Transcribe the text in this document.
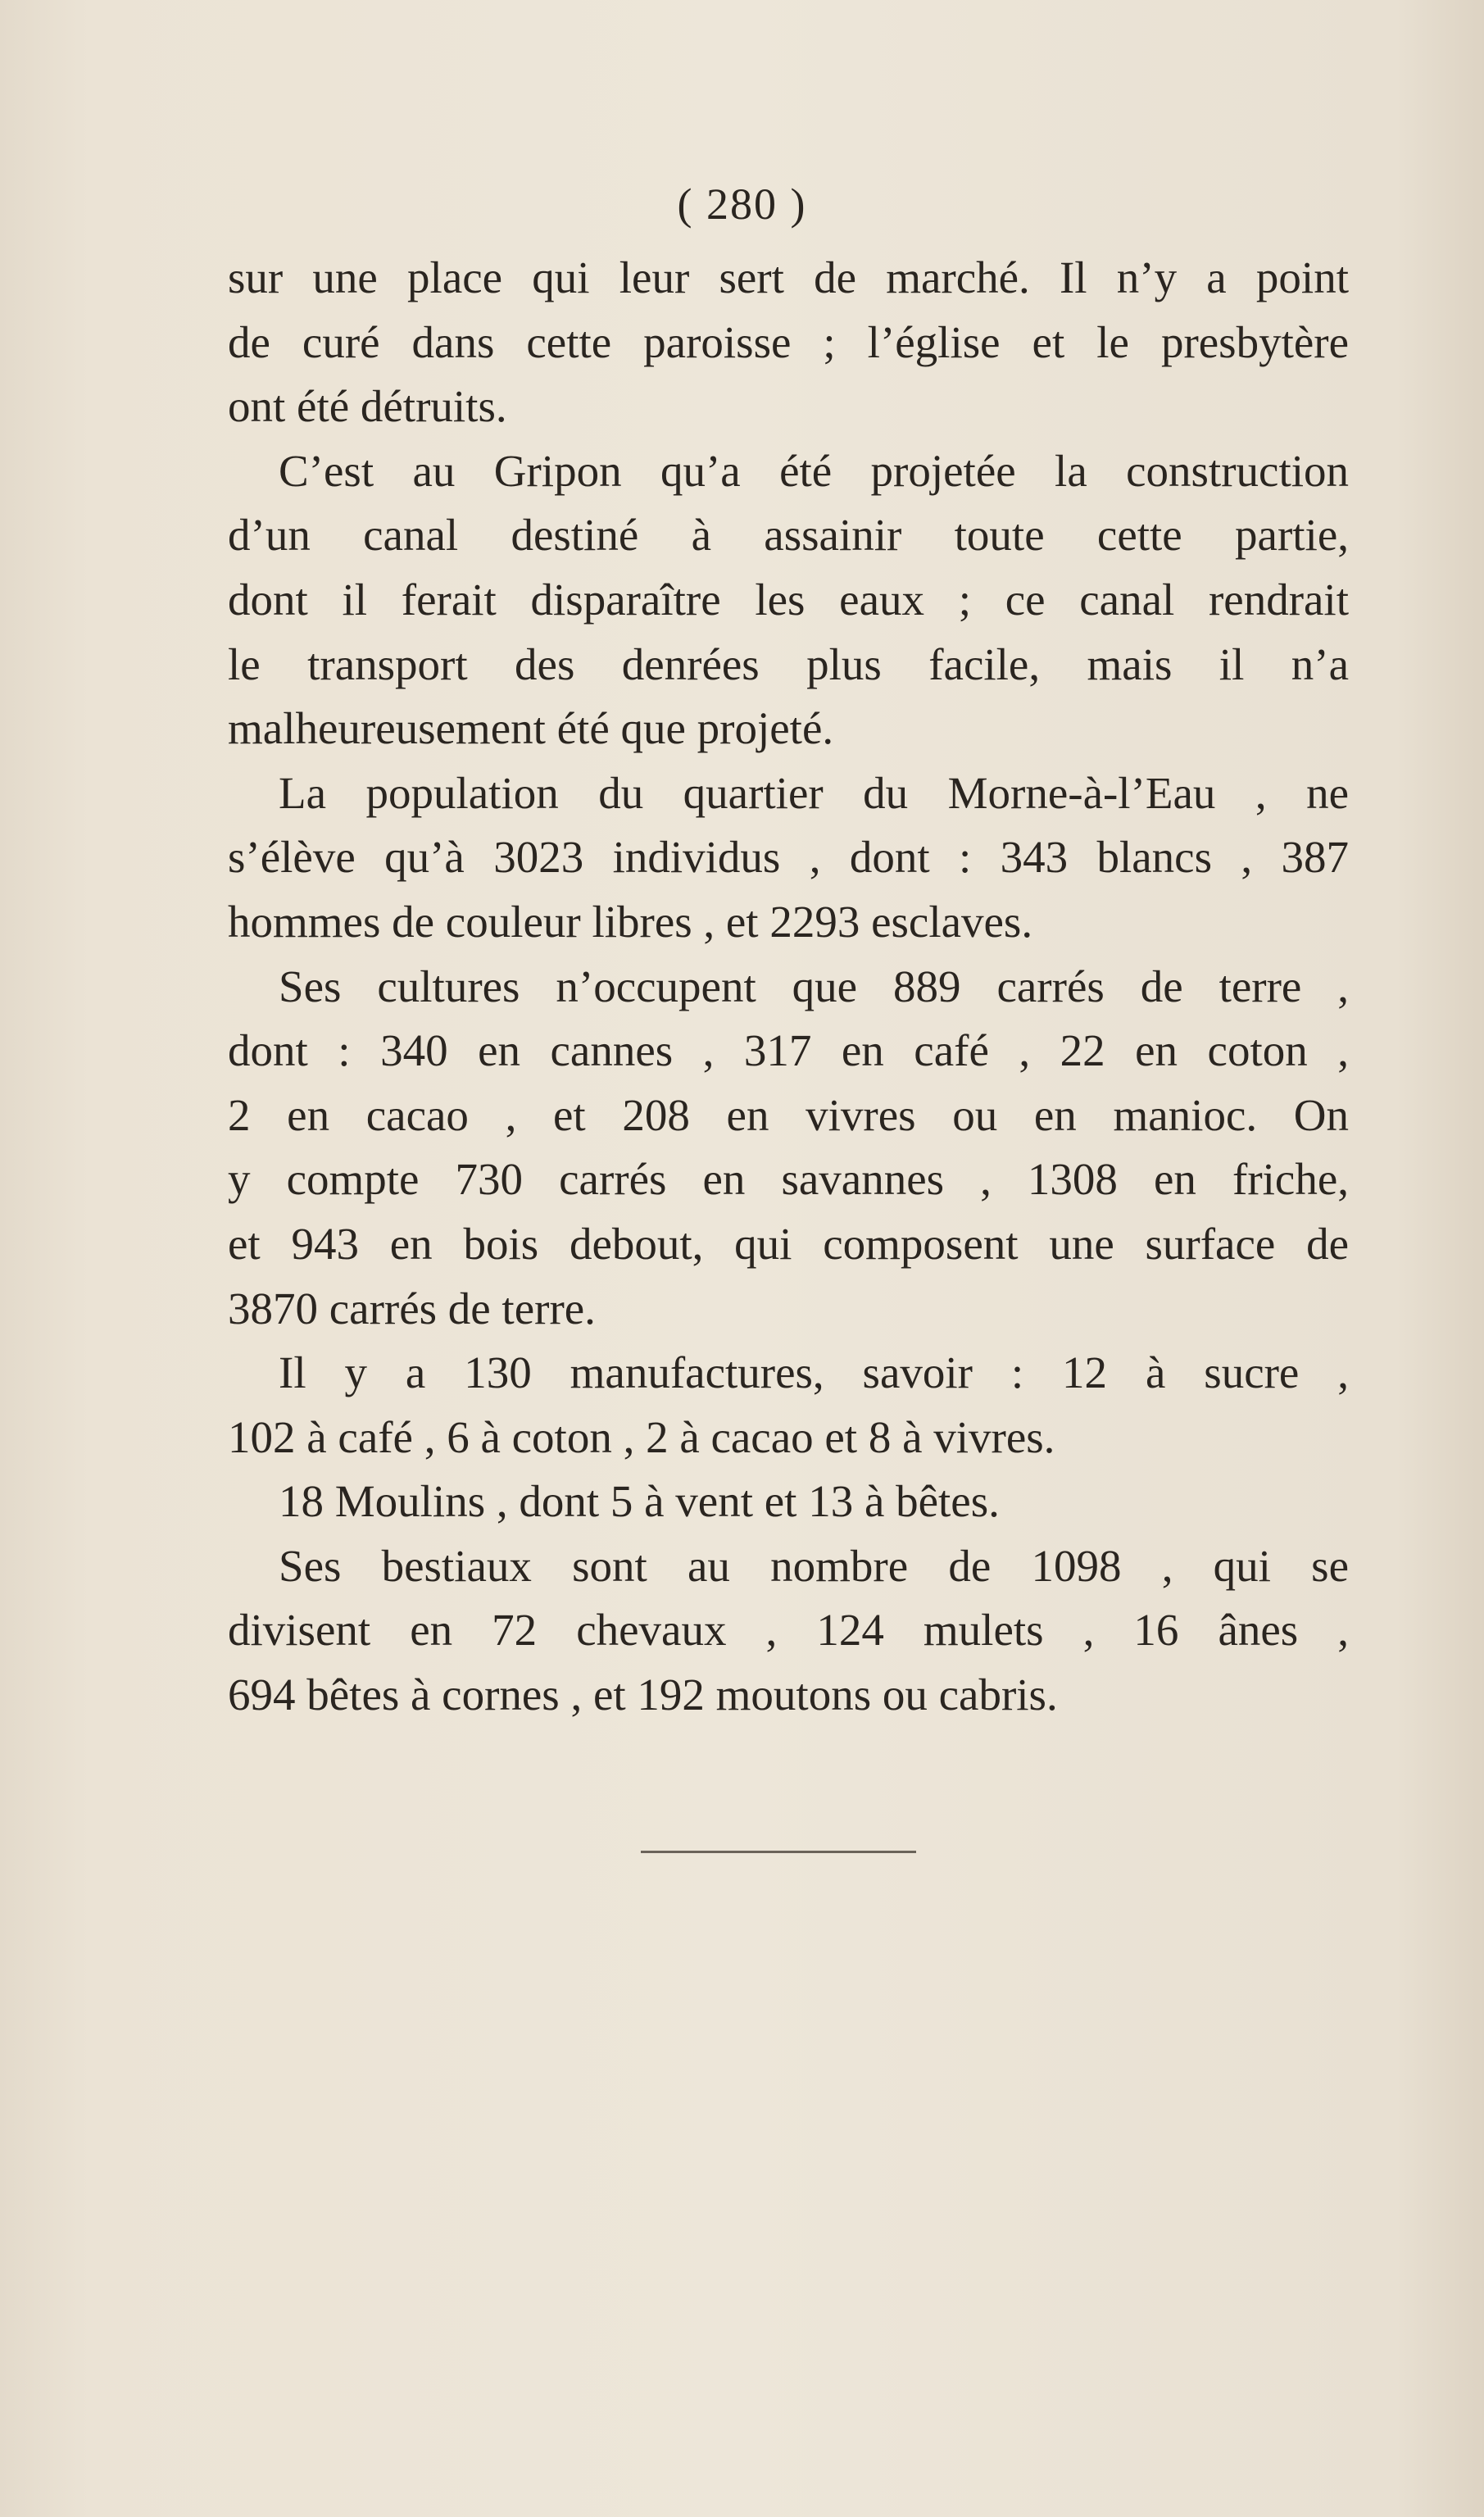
( 280 )
sur une place qui leur sert de marché. Il n’y a point
de curé dans cette paroisse ; l’église et le presbytère
ont été détruits.
C’est au Gripon qu’a été projetée la construction
d’un canal destiné à assainir toute cette partie,
dont il ferait disparaître les eaux ; ce canal rendrait
le transport des denrées plus facile, mais il n’a
malheureusement été que projeté.
La population du quartier du Morne-à-l’Eau , ne
s’élève qu’à 3023 individus , dont : 343 blancs , 387
hommes de couleur libres , et 2293 esclaves.
Ses cultures n’occupent que 889 carrés de terre ,
dont : 340 en cannes , 317 en café , 22 en coton ,
2 en cacao , et 208 en vivres ou en manioc. On
y compte 730 carrés en savannes , 1308 en friche,
et 943 en bois debout, qui composent une surface de
3870 carrés de terre.
Il y a 130 manufactures, savoir : 12 à sucre ,
102 à café , 6 à coton , 2 à cacao et 8 à vivres.
18 Moulins , dont 5 à vent et 13 à bêtes.
Ses bestiaux sont au nombre de 1098 , qui se
divisent en 72 chevaux , 124 mulets , 16 ânes ,
694 bêtes à cornes , et 192 moutons ou cabris.
